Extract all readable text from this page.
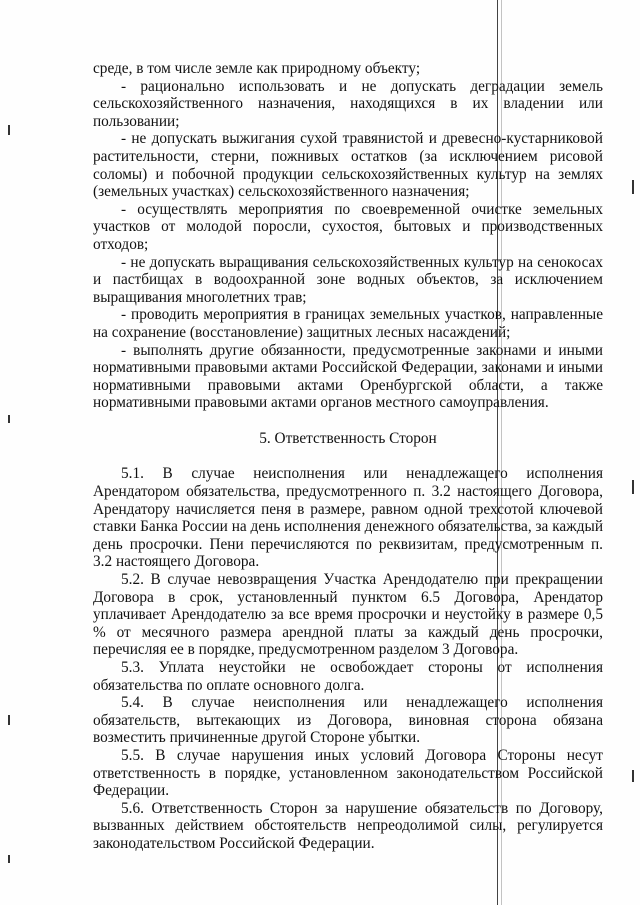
среде, в том числе земле как природному объекту;

- рационально использовать и не допускать деградации земель сельскохозяйственного назначения, находящихся в их владении или пользовании;

- не допускать выжигания сухой травянистой и древесно-кустарниковой растительности, стерни, пожнивых остатков (за исключением рисовой соломы) и побочной продукции сельскохозяйственных культур на землях (земельных участках) сельскохозяйственного назначения;

- осуществлять мероприятия по своевременной очистке земельных участков от молодой поросли, сухостоя, бытовых и производственных отходов;

- не допускать выращивания сельскохозяйственных культур на сенокосах и пастбищах в водоохранной зоне водных объектов, за исключением выращивания многолетних трав;

- проводить мероприятия в границах земельных участков, направленные на сохранение (восстановление) защитных лесных насаждений;

- выполнять другие обязанности, предусмотренные законами и иными нормативными правовыми актами Российской Федерации, законами и иными нормативными правовыми актами Оренбургской области, а также нормативными правовыми актами органов местного самоуправления.

5. Ответственность Сторон

5.1. В случае неисполнения или ненадлежащего исполнения Арендатором обязательства, предусмотренного п. 3.2 настоящего Договора, Арендатору начисляется пеня в размере, равном одной трехсотой ключевой ставки Банка России на день исполнения денежного обязательства, за каждый день просрочки. Пени перечисляются по реквизитам, предусмотренным п. 3.2 настоящего Договора.

5.2. В случае невозвращения Участка Арендодателю при прекращении Договора в срок, установленный пунктом 6.5 Договора, Арендатор уплачивает Арендодателю за все время просрочки и неустойку в размере 0,5 % от месячного размера арендной платы за каждый день просрочки, перечисляя ее в порядке, предусмотренном разделом 3 Договора.

5.3. Уплата неустойки не освобождает стороны от исполнения обязательства по оплате основного долга.

5.4. В случае неисполнения или ненадлежащего исполнения обязательств, вытекающих из Договора, виновная сторона обязана возместить причиненные другой Стороне убытки.

5.5. В случае нарушения иных условий Договора Стороны несут ответственность в порядке, установленном законодательством Российской Федерации.

5.6. Ответственность Сторон за нарушение обязательств по Договору, вызванных действием обстоятельств непреодолимой силы, регулируется законодательством Российской Федерации.
